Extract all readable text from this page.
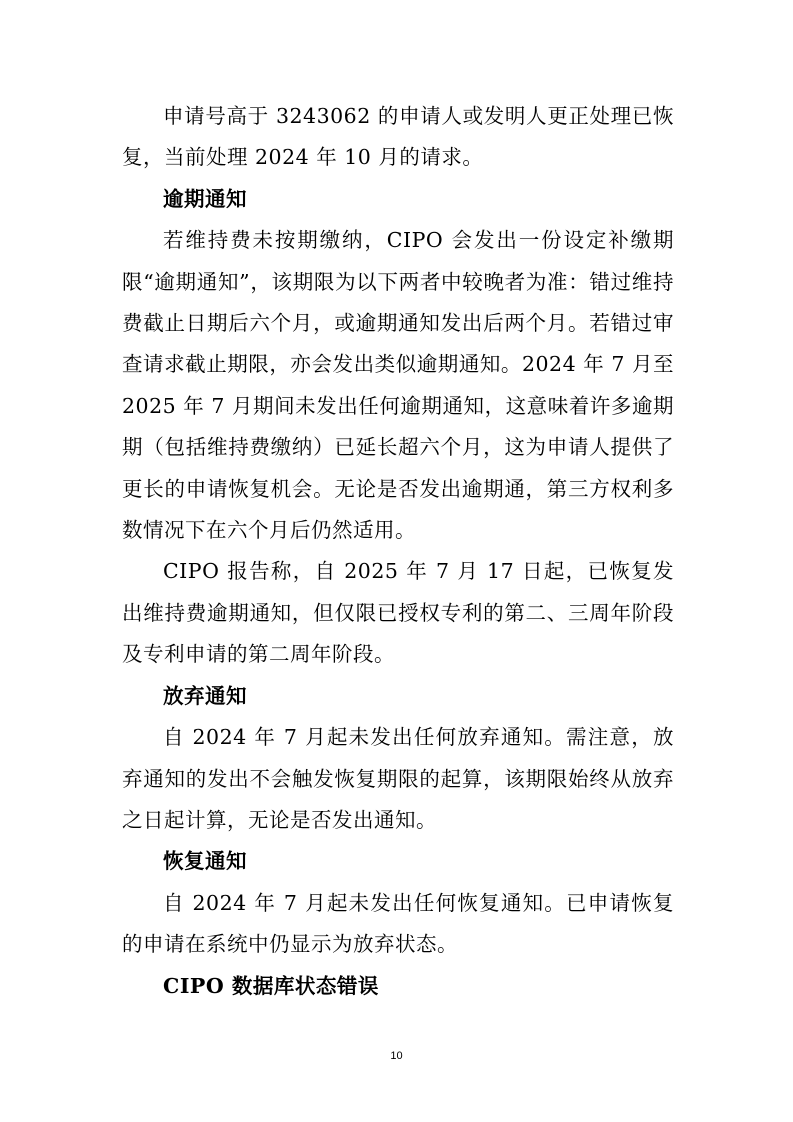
申请号高于 3243062 的申请人或发明人更正处理已恢复，当前处理 2024 年 10 月的请求。

逾期通知

若维持费未按期缴纳，CIPO 会发出一份设定补缴期限“逾期通知”，该期限为以下两者中较晚者为准：错过维持费截止日期后六个月，或逾期通知发出后两个月。若错过审查请求截止期限，亦会发出类似逾期通知。2024 年 7 月至 2025 年 7 月期间未发出任何逾期通知，这意味着许多逾期期（包括维持费缴纳）已延长超六个月，这为申请人提供了更长的申请恢复机会。无论是否发出逾期通，第三方权利多数情况下在六个月后仍然适用。

CIPO 报告称，自 2025 年 7 月 17 日起，已恢复发出维持费逾期通知，但仅限已授权专利的第二、三周年阶段及专利申请的第二周年阶段。

放弃通知

自 2024 年 7 月起未发出任何放弃通知。需注意，放弃通知的发出不会触发恢复期限的起算，该期限始终从放弃之日起计算，无论是否发出通知。

恢复通知

自 2024 年 7 月起未发出任何恢复通知。已申请恢复的申请在系统中仍显示为放弃状态。

CIPO 数据库状态错误

10
